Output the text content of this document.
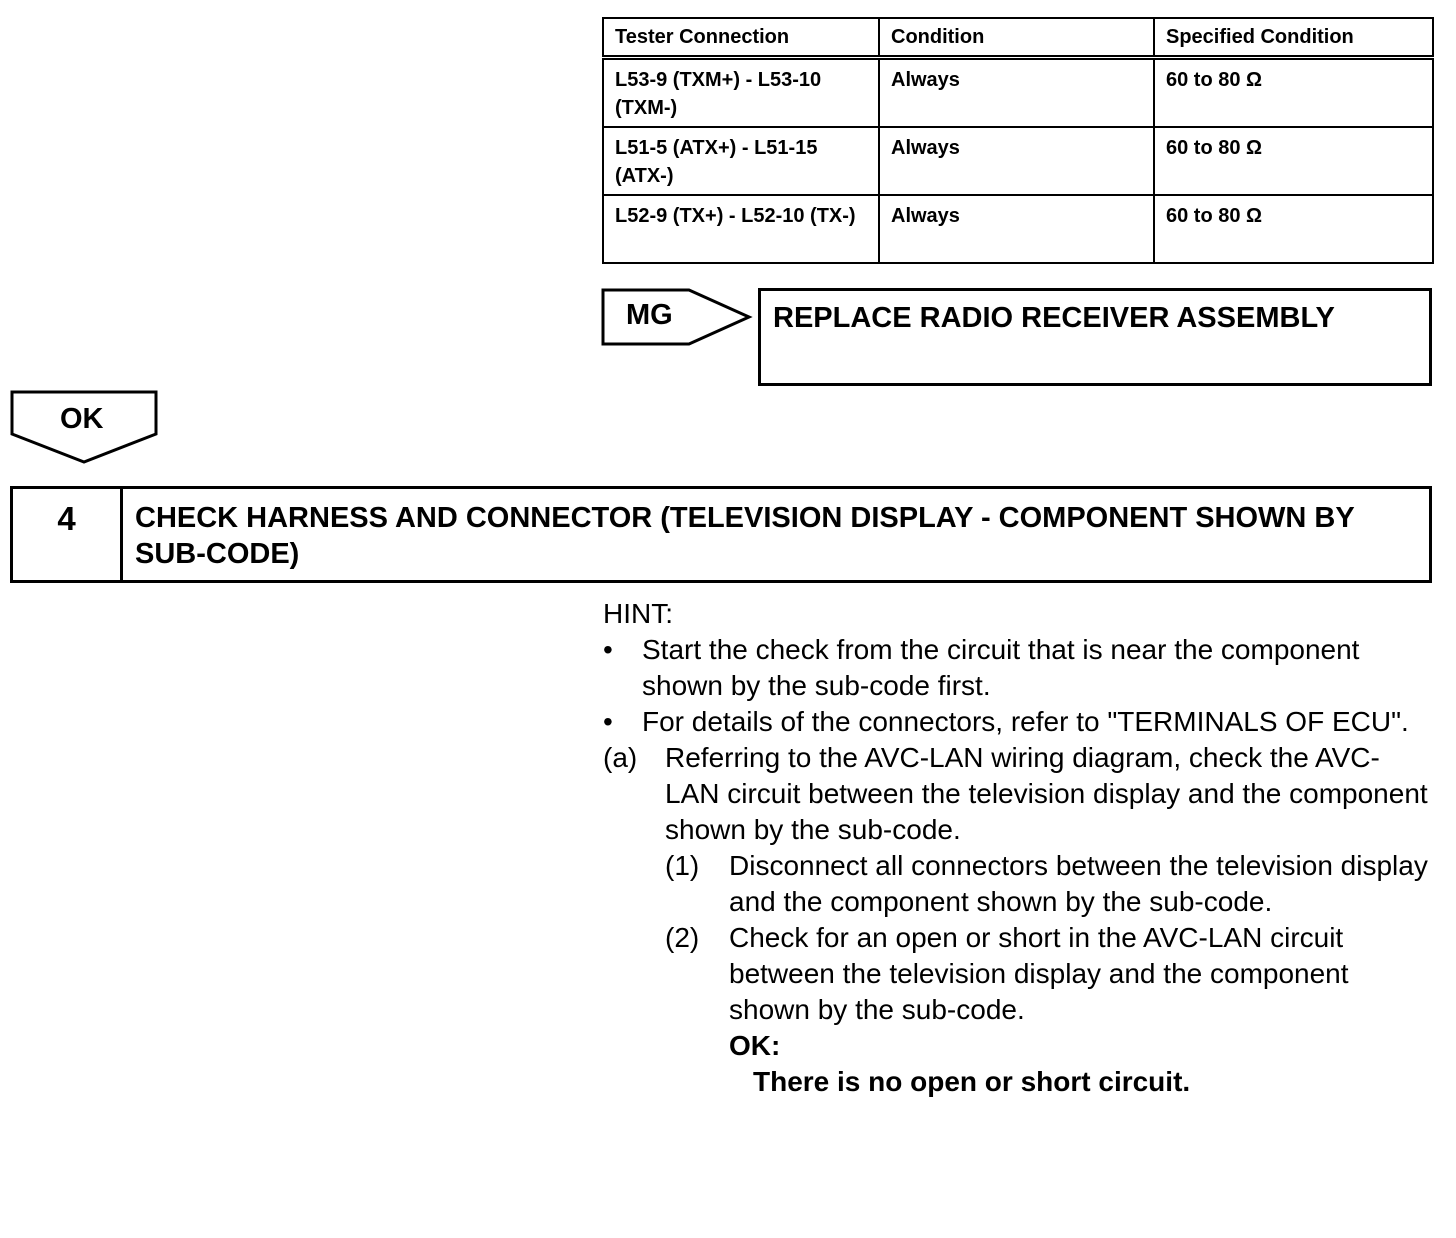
Tester Connection	Condition	Specified Condition
L53-9 (TXM+) - L53-10 (TXM-)	Always	60 to 80 Ω
L51-5 (ATX+) - L51-15 (ATX-)	Always	60 to 80 Ω
L52-9 (TX+) - L52-10 (TX-)	Always	60 to 80 Ω
MG	REPLACE RADIO RECEIVER ASSEMBLY
OK
4	CHECK HARNESS AND CONNECTOR (TELEVISION DISPLAY - COMPONENT SHOWN BY SUB-CODE)
HINT:
• Start the check from the circuit that is near the component shown by the sub-code first.
• For details of the connectors, refer to "TERMINALS OF ECU".
(a) Referring to the AVC-LAN wiring diagram, check the AVC-LAN circuit between the television display and the component shown by the sub-code.
(1) Disconnect all connectors between the television display and the component shown by the sub-code.
(2) Check for an open or short in the AVC-LAN circuit between the television display and the component shown by the sub-code.
OK:
There is no open or short circuit.
